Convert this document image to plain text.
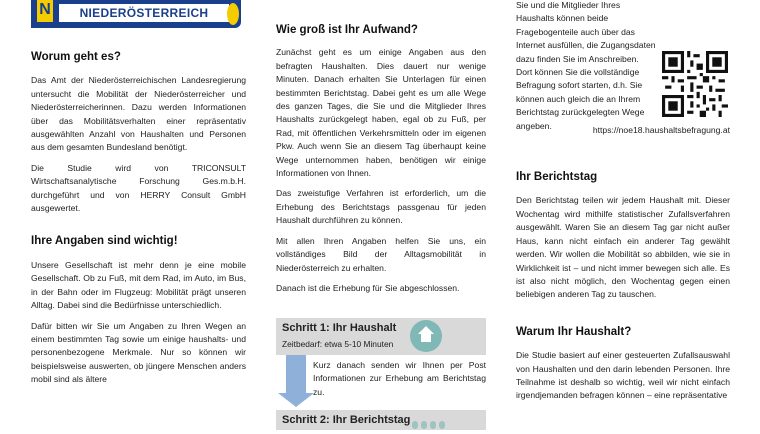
N	NIEDERÖSTERREICH
Worum geht es?

Das Amt der Niederösterreichischen Landesregierung untersucht die Mobilität der Niederösterreicher und Niederösterreicherinnen. Dazu werden Informationen über das Mobilitätsverhalten einer repräsentativ ausgewählten Anzahl von Haushalten und Personen aus dem gesamten Bundesland benötigt.

Die Studie wird von TRICONSULT Wirtschaftsanalytische Forschung Ges.m.b.H. durchgeführt und von HERRY Consult GmbH ausgewertet.

Ihre Angaben sind wichtig!

Unsere Gesellschaft ist mehr denn je eine mobile Gesellschaft. Ob zu Fuß, mit dem Rad, im Auto, im Bus, in der Bahn oder im Flugzeug: Mobilität prägt unseren Alltag. Dabei sind die Bedürfnisse unterschiedlich.

Dafür bitten wir Sie um Angaben zu Ihren Wegen an einem bestimmten Tag sowie um einige haushalts- und personenbezogene Merkmale. Nur so können wir beispielsweise auswerten, ob jüngere Menschen anders mobil sind als ältere

Wie groß ist Ihr Aufwand?

Zunächst geht es um einige Angaben aus den befragten Haushalten. Dies dauert nur wenige Minuten. Danach erhalten Sie Unterlagen für einen bestimmten Berichtstag. Dabei geht es um alle Wege des ganzen Tages, die Sie und die Mitglieder Ihres Haushalts zurückgelegt haben, egal ob zu Fuß, per Rad, mit öffentlichen Verkehrsmitteln oder im eigenen Pkw. Auch wenn Sie an diesem Tag überhaupt keine Wege unternommen haben, benötigen wir einige Informationen von Ihnen.

Das zweistufige Verfahren ist erforderlich, um die Erhebung des Berichtstags passgenau für jeden Haushalt durchführen zu können.

Mit allen Ihren Angaben helfen Sie uns, ein vollständiges Bild der Alltagsmobilität in Niederösterreich zu erhalten.

Danach ist die Erhebung für Sie abgeschlossen.

Schritt 1: Ihr Haushalt
Zeitbedarf: etwa 5-10 Minuten
Kurz danach senden wir Ihnen per Post Informationen zur Erhebung am Berichtstag zu.
Schritt 2: Ihr Berichtstag

Sie und die Mitglieder Ihres Haushalts können beide Fragebogenteile auch über das Internet ausfüllen, die Zugangsdaten dazu finden Sie im Anschreiben. Dort können Sie die vollständige Befragung sofort starten, d.h. Sie können auch gleich die an Ihrem Berichtstag zurückgelegten Wege angeben.

Ihr Berichtstag

Den Berichtstag teilen wir jedem Haushalt mit. Dieser Wochentag wird mithilfe statistischer Zufallsverfahren ausgewählt. Waren Sie an diesem Tag gar nicht außer Haus, kann nicht einfach ein anderer Tag gewählt werden. Wir wollen die Mobilität so abbilden, wie sie in Wirklichkeit ist – und nicht immer bewegen sich alle. Es ist also nicht möglich, den Wochentag gegen einen beliebigen anderen Tag zu tauschen.

Warum Ihr Haushalt?

Die Studie basiert auf einer gesteuerten Zufallsauswahl von Haushalten und den darin lebenden Personen. Ihre Teilnahme ist deshalb so wichtig, weil wir nicht einfach irgendjemanden befragen können – eine repräsentative

https://noe18.haushaltsbefragung.at
